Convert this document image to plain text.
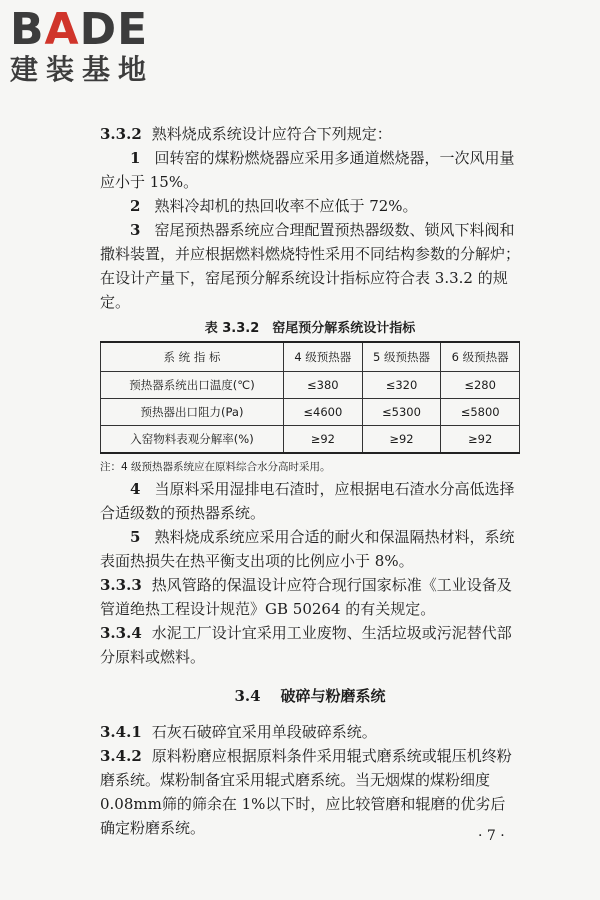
BADE
建装基地

3.3.2 熟料烧成系统设计应符合下列规定：

1 回转窑的煤粉燃烧器应采用多通道燃烧器，一次风用量应小于 15%。

2 熟料冷却机的热回收率不应低于 72%。

3 窑尾预热器系统应合理配置预热器级数、锁风下料阀和撒料装置，并应根据燃料燃烧特性采用不同结构参数的分解炉；在设计产量下，窑尾预分解系统设计指标应符合表 3.3.2 的规定。

表 3.3.2　窑尾预分解系统设计指标
系 统 指 标	4 级预热器	5 级预热器	6 级预热器
预热器系统出口温度(℃)	≤380	≤320	≤280
预热器出口阻力(Pa)	≤4600	≤5300	≤5800
入窑物料表观分解率(%)	≥92	≥92	≥92
注：4 级预热器系统应在原料综合水分高时采用。

4 当原料采用湿排电石渣时，应根据电石渣水分高低选择合适级数的预热器系统。

5 熟料烧成系统应采用合适的耐火和保温隔热材料，系统表面热损失在热平衡支出项的比例应小于 8%。

3.3.3 热风管路的保温设计应符合现行国家标准《工业设备及管道绝热工程设计规范》GB 50264 的有关规定。

3.3.4 水泥工厂设计宜采用工业废物、生活垃圾或污泥替代部分原料或燃料。

3.4 破碎与粉磨系统

3.4.1 石灰石破碎宜采用单段破碎系统。

3.4.2 原料粉磨应根据原料条件采用辊式磨系统或辊压机终粉磨系统。煤粉制备宜采用辊式磨系统。当无烟煤的煤粉细度 0.08mm筛的筛余在 1%以下时，应比较管磨和辊磨的优劣后确定粉磨系统。	· 7 ·
